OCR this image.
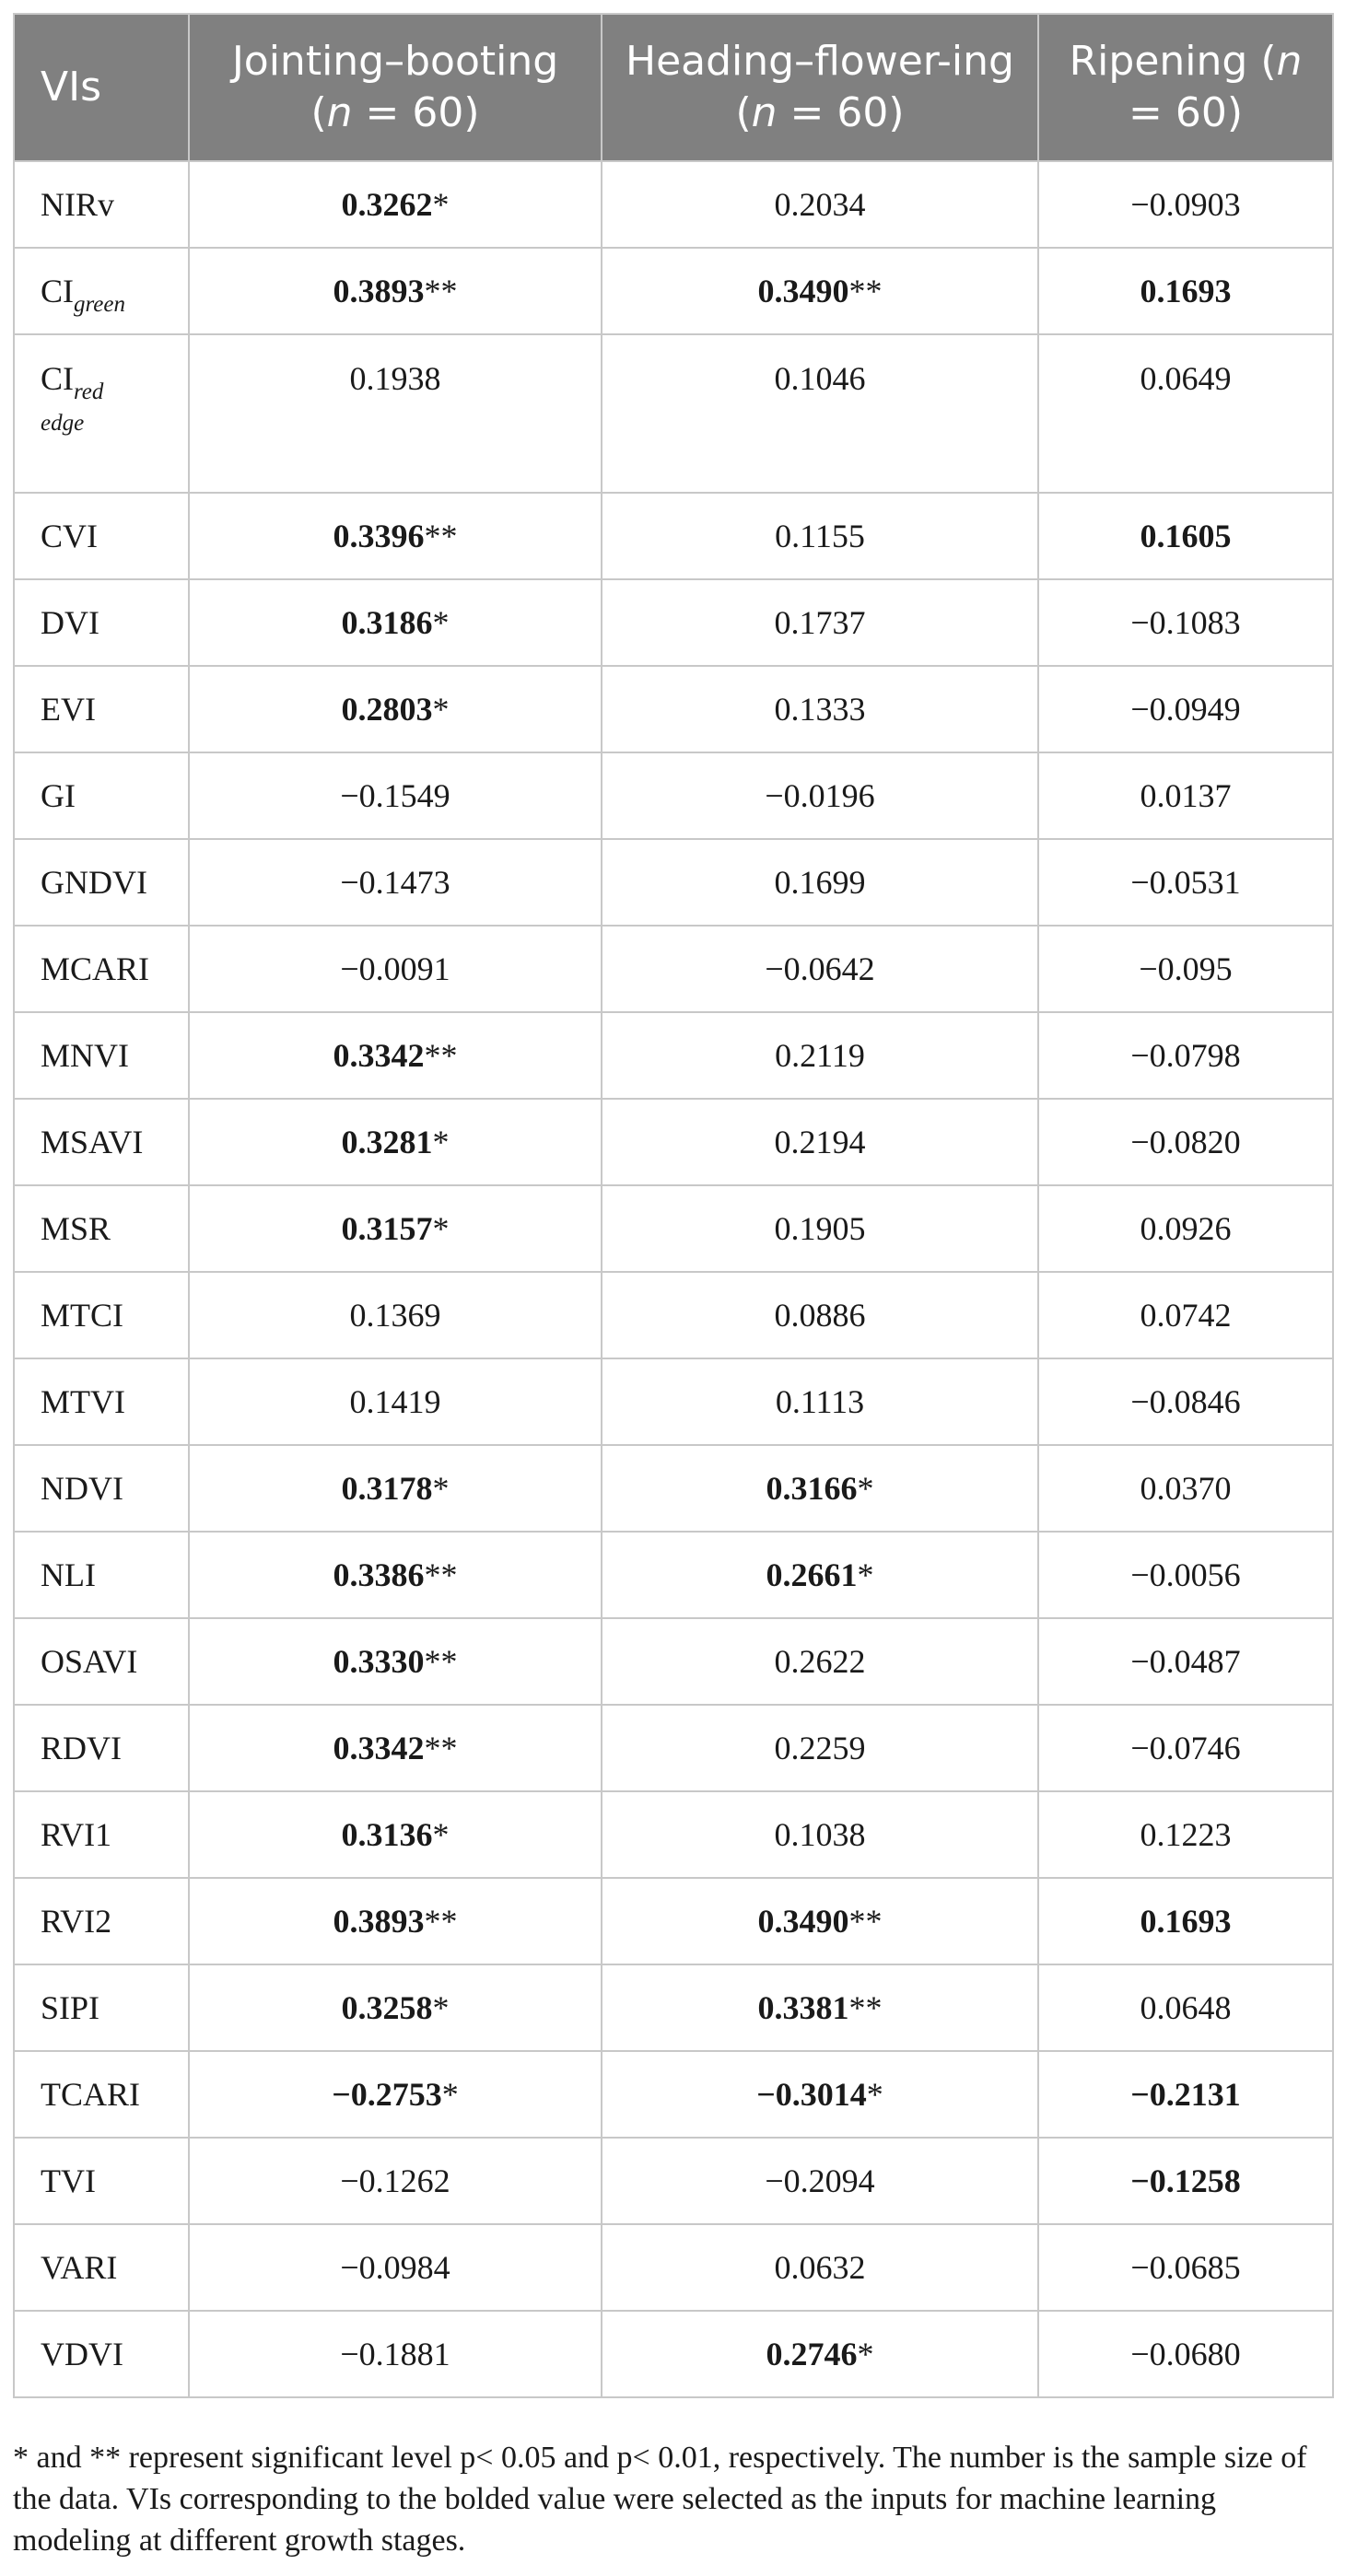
VIs	Jointing–booting (n = 60)	Heading–flower-ing (n = 60)	Ripening (n = 60)
NIRv	0.3262*	0.2034	−0.0903
$CI_{green}$	0.3893**	0.3490**	0.1693
$CI_{red}$
edge	0.1938	0.1046	0.0649
CVI	0.3396**	0.1155	0.1605
DVI	0.3186*	0.1737	−0.1083
EVI	0.2803*	0.1333	−0.0949
GI	−0.1549	−0.0196	0.0137
GNDVI	−0.1473	0.1699	−0.0531
MCARI	−0.0091	−0.0642	−0.095
MNVI	0.3342**	0.2119	−0.0798
MSAVI	0.3281*	0.2194	−0.0820
MSR	0.3157*	0.1905	0.0926
MTCI	0.1369	0.0886	0.0742
MTVI	0.1419	0.1113	−0.0846
NDVI	0.3178*	0.3166*	0.0370
NLI	0.3386**	0.2661*	−0.0056
OSAVI	0.3330**	0.2622	−0.0487
RDVI	0.3342**	0.2259	−0.0746
RVI1	0.3136*	0.1038	0.1223
RVI2	0.3893**	0.3490**	0.1693
SIPI	0.3258*	0.3381**	0.0648
TCARI	−0.2753*	−0.3014*	−0.2131
TVI	−0.1262	−0.2094	−0.1258
VARI	−0.0984	0.0632	−0.0685
VDVI	−0.1881	0.2746*	−0.0680
* and ** represent significant level p< 0.05 and p< 0.01, respectively. The number is the sample size of the data. VIs corresponding to the bolded value were selected as the inputs for machine learning modeling at different growth stages.
